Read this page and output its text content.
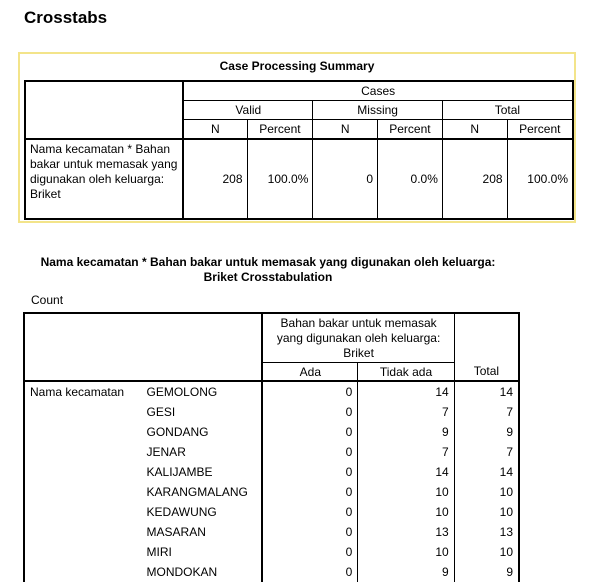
Crosstabs
Case Processing Summary
	Cases					
	Valid		Missing		Total	
	N	Percent	N	Percent	N	Percent
Nama kecamatan * Bahan bakar untuk memasak yang digunakan oleh keluarga: Briket	208	100.0%	0	0.0%	208	100.0%
Nama kecamatan * Bahan bakar untuk memasak yang digunakan oleh keluarga:
Briket Crosstabulation
Count
		Bahan bakar untuk memasak yang digunakan oleh keluarga: Briket		Total
		Ada	Tidak ada	
Nama kecamatan	GEMOLONG	0	14	14
	GESI	0	7	7
	GONDANG	0	9	9
	JENAR	0	7	7
	KALIJAMBE	0	14	14
	KARANGMALANG	0	10	10
	KEDAWUNG	0	10	10
	MASARAN	0	13	13
	MIRI	0	10	10
	MONDOKAN	0	9	9
